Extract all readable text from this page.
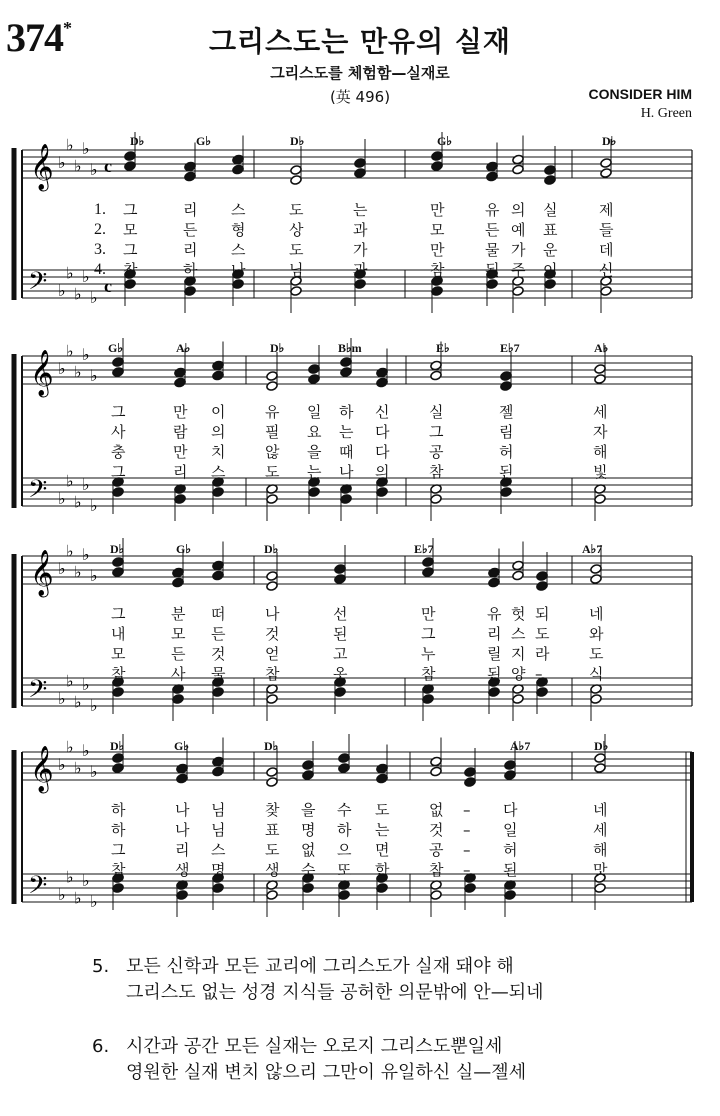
374*	그리스도는 만유의 실재
그리스도를 체험함—실재로
(英 496)	CONSIDER HIM
H. Green
𝄞
𝄢
♭
♭
♭
♭
♭
♭
♭
♭
♭
♭
c
c
𝄞
𝄢
♭
♭
♭
♭
♭
♭
♭
♭
♭
♭
𝄞
𝄢
♭
♭
♭
♭
♭
♭
♭
♭
♭
♭
𝄞
𝄢
♭
♭
♭
♭
♭
♭
♭
♭
♭
♭
D♭	G♭	D♭	G♭	D♭
G♭	A♭	D♭	B♭m	E♭	E♭7	A♭
D♭	G♭	D♭	E♭7	A♭7
D♭	G♭	D♭	A♭7	D♭
1. 그	리 스	도	는	만	유 의 실	제
2. 모	든 형	상	과	모	든 예 표	들
3. 그	리 스	도	가	만	물 가 운	데
4. 참	하 나	님	과	참	된 주 이	신
그	만 이	유 일 하 신	실	젤	세
사	람 의	필 요 는 다	그	림	자
충	만 치	않 을 때 다	공	허	해
그	리 스	도 는 나 의	참	된	빛
그	분 떠	나	선	만	유 헛 되	네
내	모 든	것	된	그	리 스 도	와
모	든 것	얻	고	누	릴 지 라	도
참	사 물	참	옷	참	된 양 –	식
하	나 님	찾 을 수 도	없 – 다	네
하	나 님	표 명 하 는	것 – 일	세
그	리 스	도 없 으 면	공 – 허	해
참	생 명	생 수 또 한	참 – 된	맛
5. 모든 신학과 모든 교리에 그리스도가 실재 돼야 해
그리스도 없는 성경 지식들 공허한 의문밖에 안—되네
6. 시간과 공간 모든 실재는 오로지 그리스도뿐일세
영원한 실재 변치 않으리 그만이 유일하신 실—젤세
